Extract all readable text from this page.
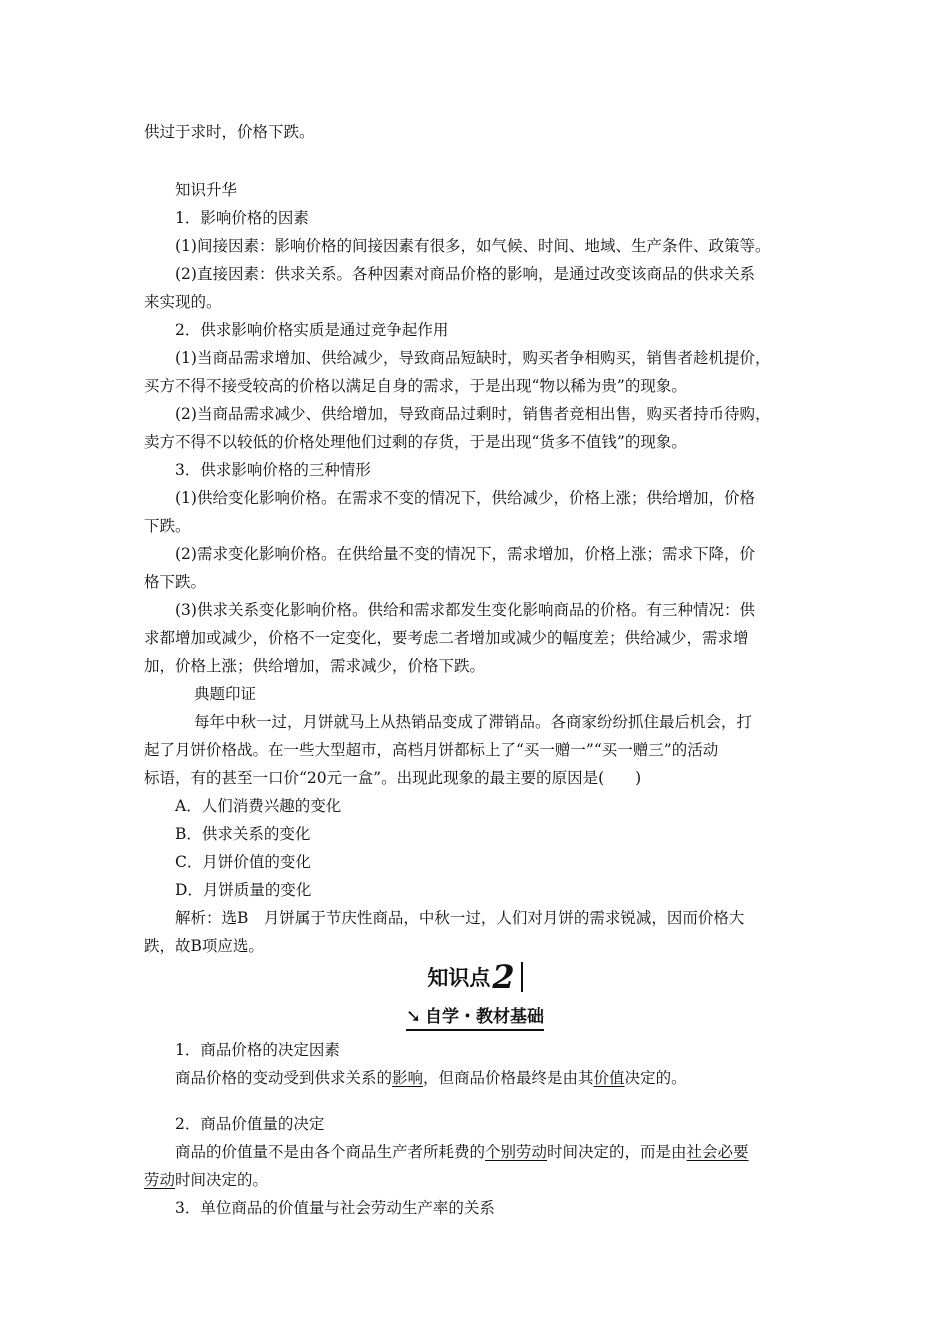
供过于求时，价格下跌。
知识升华
1．影响价格的因素
(1)间接因素：影响价格的间接因素有很多，如气候、时间、地域、生产条件、政策等。
(2)直接因素：供求关系。各种因素对商品价格的影响，是通过改变该商品的供求关系
来实现的。
2．供求影响价格实质是通过竞争起作用
(1)当商品需求增加、供给减少，导致商品短缺时，购买者争相购买，销售者趁机提价，
买方不得不接受较高的价格以满足自身的需求，于是出现“物以稀为贵”的现象。
(2)当商品需求减少、供给增加，导致商品过剩时，销售者竞相出售，购买者持币待购，
卖方不得不以较低的价格处理他们过剩的存货，于是出现“货多不值钱”的现象。
3．供求影响价格的三种情形
(1)供给变化影响价格。在需求不变的情况下，供给减少，价格上涨；供给增加，价格
下跌。
(2)需求变化影响价格。在供给量不变的情况下，需求增加，价格上涨；需求下降，价
格下跌。
(3)供求关系变化影响价格。供给和需求都发生变化影响商品的价格。有三种情况：供
求都增加或减少，价格不一定变化，要考虑二者增加或减少的幅度差；供给减少，需求增
加，价格上涨；供给增加，需求减少，价格下跌。
典题印证
每年中秋一过，月饼就马上从热销品变成了滞销品。各商家纷纷抓住最后机会，打
起了月饼价格战。在一些大型超市，高档月饼都标上了“买一赠一”“买一赠三”的活动
标语，有的甚至一口价“20元一盒”。出现此现象的最主要的原因是(　　)
A．人们消费兴趣的变化
B．供求关系的变化
C．月饼价值的变化
D．月饼质量的变化
解析：选B　月饼属于节庆性商品，中秋一过，人们对月饼的需求锐减，因而价格大
跌，故B项应选。
知识点2
➘ 自学・教材基础
1．商品价格的决定因素
商品价格的变动受到供求关系的影响，但商品价格最终是由其价值决定的。
2．商品价值量的决定
商品的价值量不是由各个商品生产者所耗费的个别劳动时间决定的，而是由社会必要
劳动时间决定的。
3．单位商品的价值量与社会劳动生产率的关系
